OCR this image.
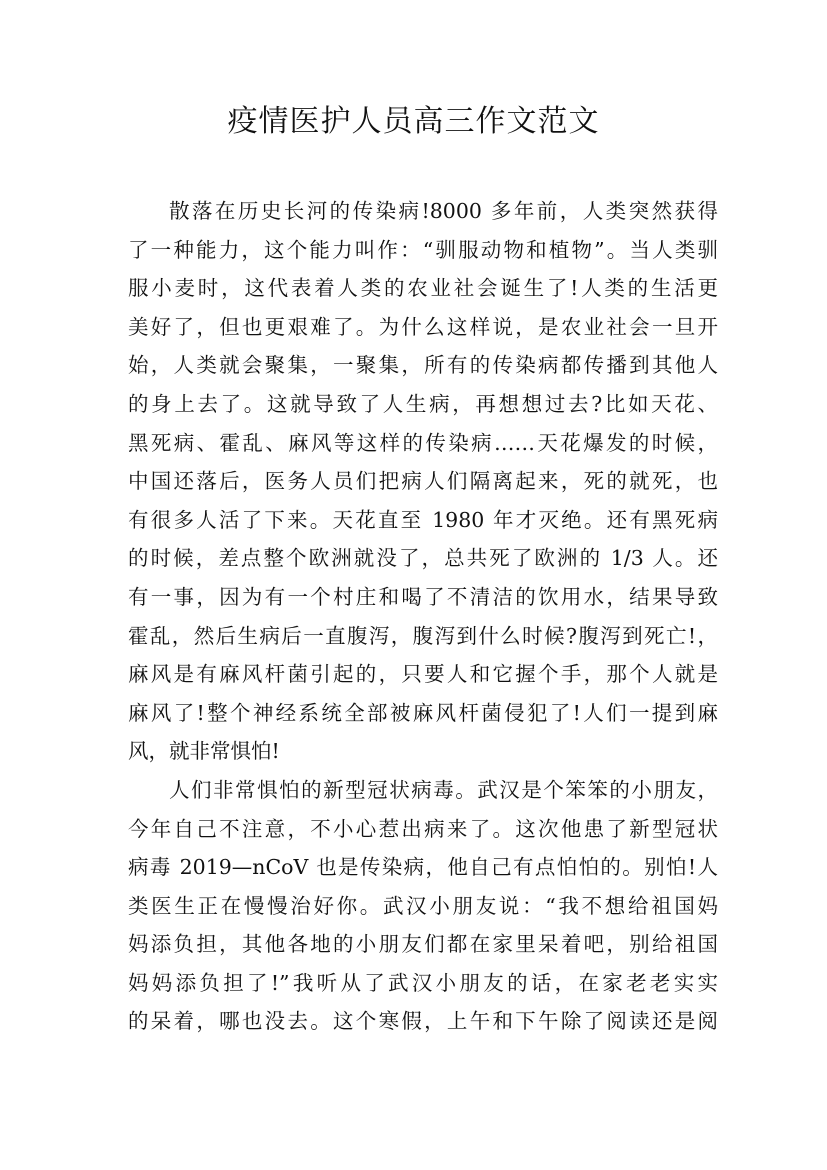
疫情医护人员高三作文范文

散落在历史长河的传染病!8000 多年前，人类突然获得
了一种能力，这个能力叫作：“驯服动物和植物”。当人类驯
服小麦时，这代表着人类的农业社会诞生了!人类的生活更
美好了，但也更艰难了。为什么这样说，是农业社会一旦开
始，人类就会聚集，一聚集，所有的传染病都传播到其他人
的身上去了。这就导致了人生病，再想想过去?比如天花、
黑死病、霍乱、麻风等这样的传染病……天花爆发的时候，
中国还落后，医务人员们把病人们隔离起来，死的就死，也
有很多人活了下来。天花直至 1980 年才灭绝。还有黑死病
的时候，差点整个欧洲就没了，总共死了欧洲的 1/3 人。还
有一事，因为有一个村庄和喝了不清洁的饮用水，结果导致
霍乱，然后生病后一直腹泻，腹泻到什么时候?腹泻到死亡!，
麻风是有麻风杆菌引起的，只要人和它握个手，那个人就是
麻风了!整个神经系统全部被麻风杆菌侵犯了!人们一提到麻
风，就非常惧怕!

人们非常惧怕的新型冠状病毒。武汉是个笨笨的小朋友，
今年自己不注意，不小心惹出病来了。这次他患了新型冠状
病毒 2019—nCoV 也是传染病，他自己有点怕怕的。别怕!人
类医生正在慢慢治好你。武汉小朋友说：“我不想给祖国妈
妈添负担，其他各地的小朋友们都在家里呆着吧，别给祖国
妈妈添负担了!”我听从了武汉小朋友的话，在家老老实实
的呆着，哪也没去。这个寒假，上午和下午除了阅读还是阅
